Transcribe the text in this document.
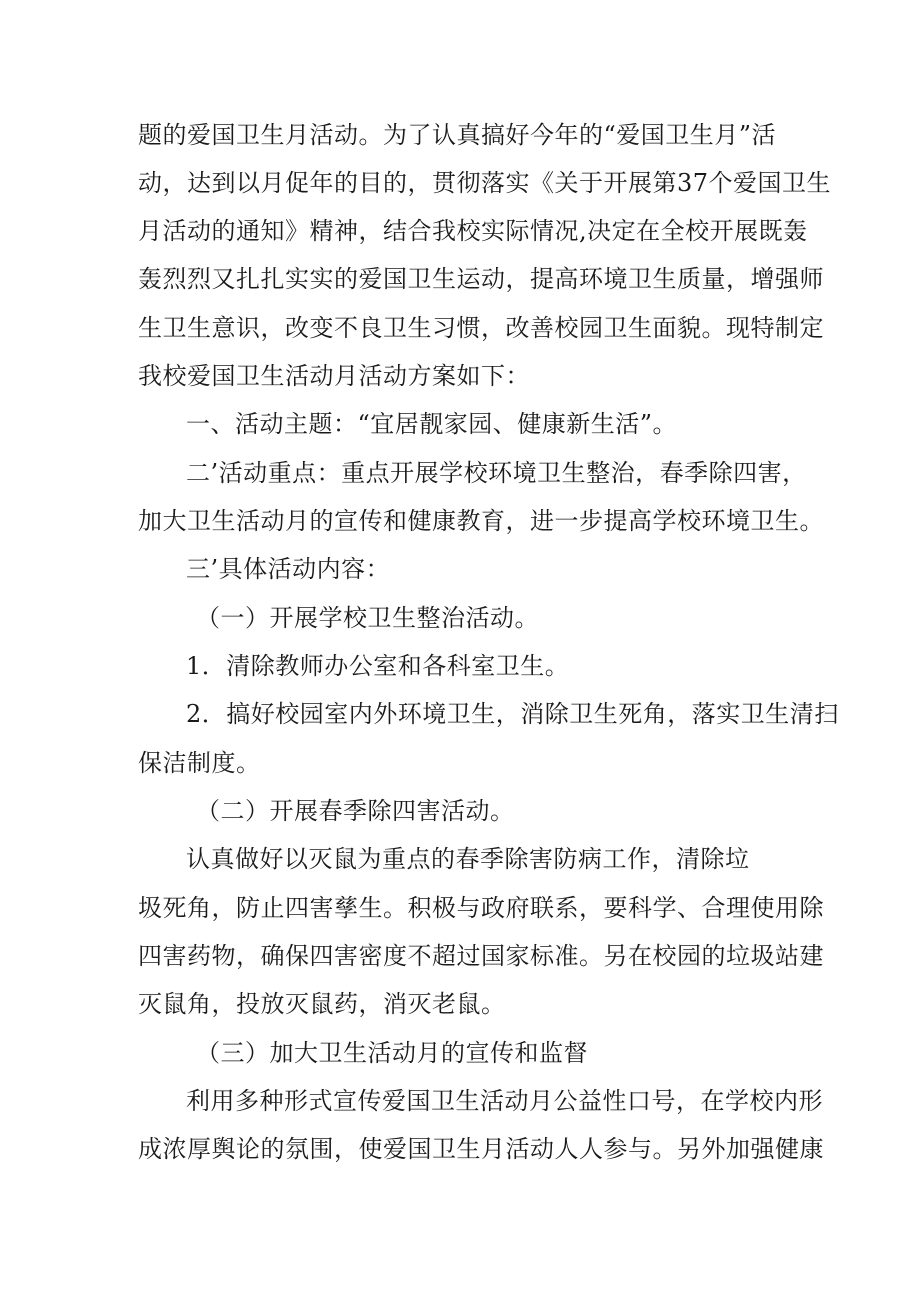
题的爱国卫生月活动。为了认真搞好今年的“爱国卫生月”活

动，达到以月促年的目的，贯彻落实《关于开展第37个爱国卫生

月活动的通知》精神，结合我校实际情况,决定在全校开展既轰

轰烈烈又扎扎实实的爱国卫生运动，提高环境卫生质量，增强师

生卫生意识，改变不良卫生习惯，改善校园卫生面貌。现特制定

我校爱国卫生活动月活动方案如下：

一、活动主题：“宜居靓家园、健康新生活”。

二’活动重点：重点开展学校环境卫生整治，春季除四害，

加大卫生活动月的宣传和健康教育，进一步提高学校环境卫生。

三’具体活动内容：

（一）开展学校卫生整治活动。

1．清除教师办公室和各科室卫生。

2．搞好校园室内外环境卫生，消除卫生死角，落实卫生清扫

保洁制度。

（二）开展春季除四害活动。

认真做好以灭鼠为重点的春季除害防病工作，清除垃

圾死角，防止四害孳生。积极与政府联系，要科学、合理使用除

四害药物，确保四害密度不超过国家标准。另在校园的垃圾站建

灭鼠角，投放灭鼠药，消灭老鼠。

（三）加大卫生活动月的宣传和监督

利用多种形式宣传爱国卫生活动月公益性口号，在学校内形

成浓厚舆论的氛围，使爱国卫生月活动人人参与。另外加强健康
